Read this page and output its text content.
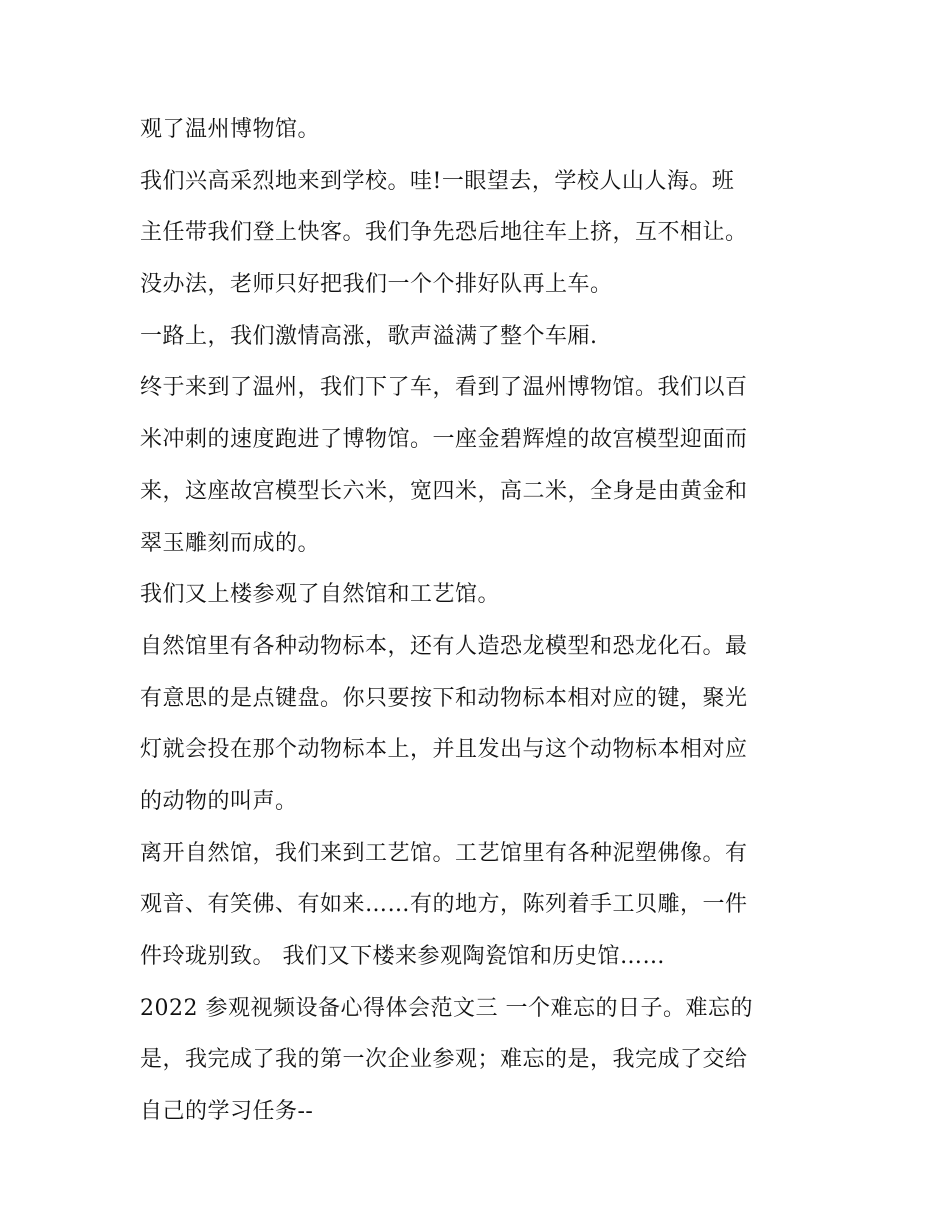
观了温州博物馆。
我们兴高采烈地来到学校。哇!一眼望去，学校人山人海。班
主任带我们登上快客。我们争先恐后地往车上挤，互不相让。
没办法，老师只好把我们一个个排好队再上车。
一路上，我们激情高涨，歌声溢满了整个车厢.
终于来到了温州，我们下了车，看到了温州博物馆。我们以百
米冲刺的速度跑进了博物馆。一座金碧辉煌的故宫模型迎面而
来，这座故宫模型长六米，宽四米，高二米，全身是由黄金和
翠玉雕刻而成的。
我们又上楼参观了自然馆和工艺馆。
自然馆里有各种动物标本，还有人造恐龙模型和恐龙化石。最
有意思的是点键盘。你只要按下和动物标本相对应的键，聚光
灯就会投在那个动物标本上，并且发出与这个动物标本相对应
的动物的叫声。
离开自然馆，我们来到工艺馆。工艺馆里有各种泥塑佛像。有
观音、有笑佛、有如来……有的地方，陈列着手工贝雕，一件
件玲珑别致。 我们又下楼来参观陶瓷馆和历史馆……
2022 参观视频设备心得体会范文三 一个难忘的日子。难忘的
是，我完成了我的第一次企业参观；难忘的是，我完成了交给
自己的学习任务--
